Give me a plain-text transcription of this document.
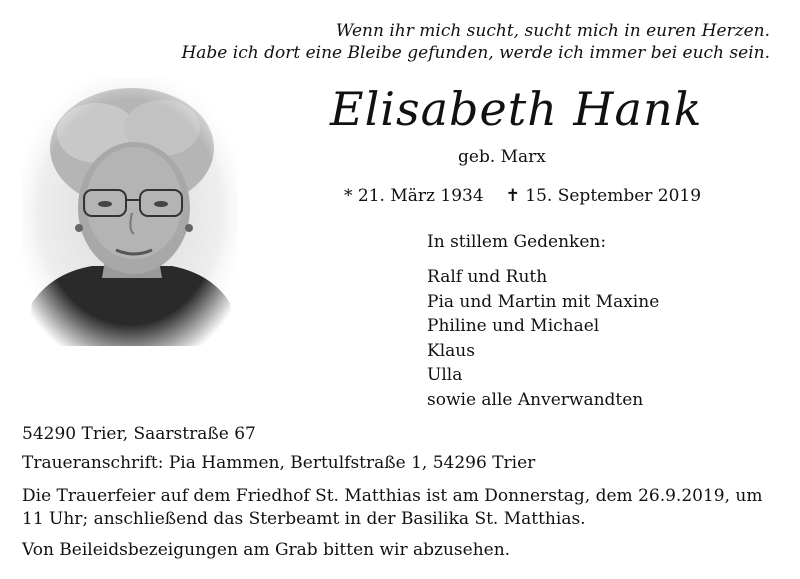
Wenn ihr mich sucht, sucht mich in euren Herzen.
Habe ich dort eine Bleibe gefunden, werde ich immer bei euch sein.
Elisabeth Hank
geb. Marx
* 21. März 1934 ✝ 15. September 2019
In stillem Gedenken:
Ralf und Ruth
Pia und Martin mit Maxine
Philine und Michael
Klaus
Ulla
sowie alle Anverwandten
54290 Trier, Saarstraße 67
Traueranschrift: Pia Hammen, Bertulfstraße 1, 54296 Trier
Die Trauerfeier auf dem Friedhof St. Matthias ist am Donnerstag, dem 26.9.2019, um 11 Uhr; anschließend das Sterbeamt in der Basilika St. Matthias.
Von Beileidsbezeigungen am Grab bitten wir abzusehen.
